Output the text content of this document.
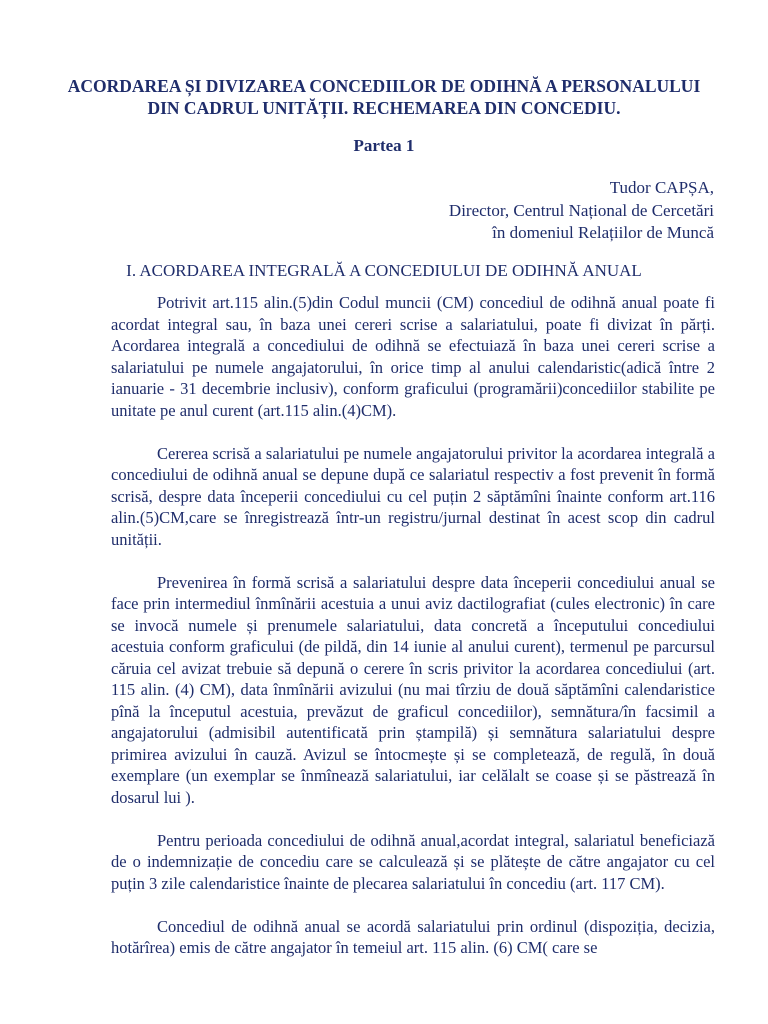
ACORDAREA ȘI DIVIZAREA CONCEDIILOR DE ODIHNĂ A PERSONALULUI DIN CADRUL UNITĂȚII. RECHEMAREA DIN CONCEDIU.
Partea 1
Tudor CAPȘA,
Director, Centrul Național de Cercetări
în domeniul Relațiilor de Muncă
I. ACORDAREA INTEGRALĂ A CONCEDIULUI DE ODIHNĂ ANUAL

Potrivit art.115 alin.(5)din Codul muncii (CM) concediul de odihnă anual poate fi acordat integral sau, în baza unei cereri scrise a salariatului, poate fi divizat în părți. Acordarea integrală a concediului de odihnă se efectuiază în baza unei cereri scrise a salariatului pe numele angajatorului, în orice timp al anului calendaristic(adică între 2 ianuarie - 31 decembrie inclusiv), conform graficului (programării)concediilor stabilite pe unitate pe anul curent (art.115 alin.(4)CM).

Cererea scrisă a salariatului pe numele angajatorului privitor la acordarea integrală a concediului de odihnă anual se depune după ce salariatul respectiv a fost prevenit în formă scrisă, despre data începerii concediului cu cel puțin 2 săptămîni înainte conform art.116 alin.(5)CM,care se înregistrează într-un registru/jurnal destinat în acest scop din cadrul unității.

Prevenirea în formă scrisă a salariatului despre data începerii concediului anual se face prin intermediul înmînării acestuia a unui aviz dactilografiat (cules electronic) în care se invocă numele și prenumele salariatului, data concretă a începutului concediului acestuia conform graficului (de pildă, din 14 iunie al anului curent), termenul pe parcursul căruia cel avizat trebuie să depună o cerere în scris privitor la acordarea concediului (art. 115 alin. (4) CM), data înmînării avizului (nu mai tîrziu de două săptămîni calendaristice pînă la începutul acestuia, prevăzut de graficul concediilor), semnătura/în facsimil a angajatorului (admisibil autentificată prin ștampilă) și semnătura salariatului despre primirea avizului în cauză. Avizul se întocmește și se completează, de regulă, în două exemplare (un exemplar se înmînează salariatului, iar celălalt se coase și se păstrează în dosarul lui ).

Pentru perioada concediului de odihnă anual,acordat integral, salariatul beneficiază de o indemnizație de concediu care se calculează și se plătește de către angajator cu cel puțin 3 zile calendaristice înainte de plecarea salariatului în concediu (art. 117 CM).

Concediul de odihnă anual se acordă salariatului prin ordinul (dispoziția, decizia, hotărîrea) emis de către angajator în temeiul art. 115 alin. (6) CM( care se
